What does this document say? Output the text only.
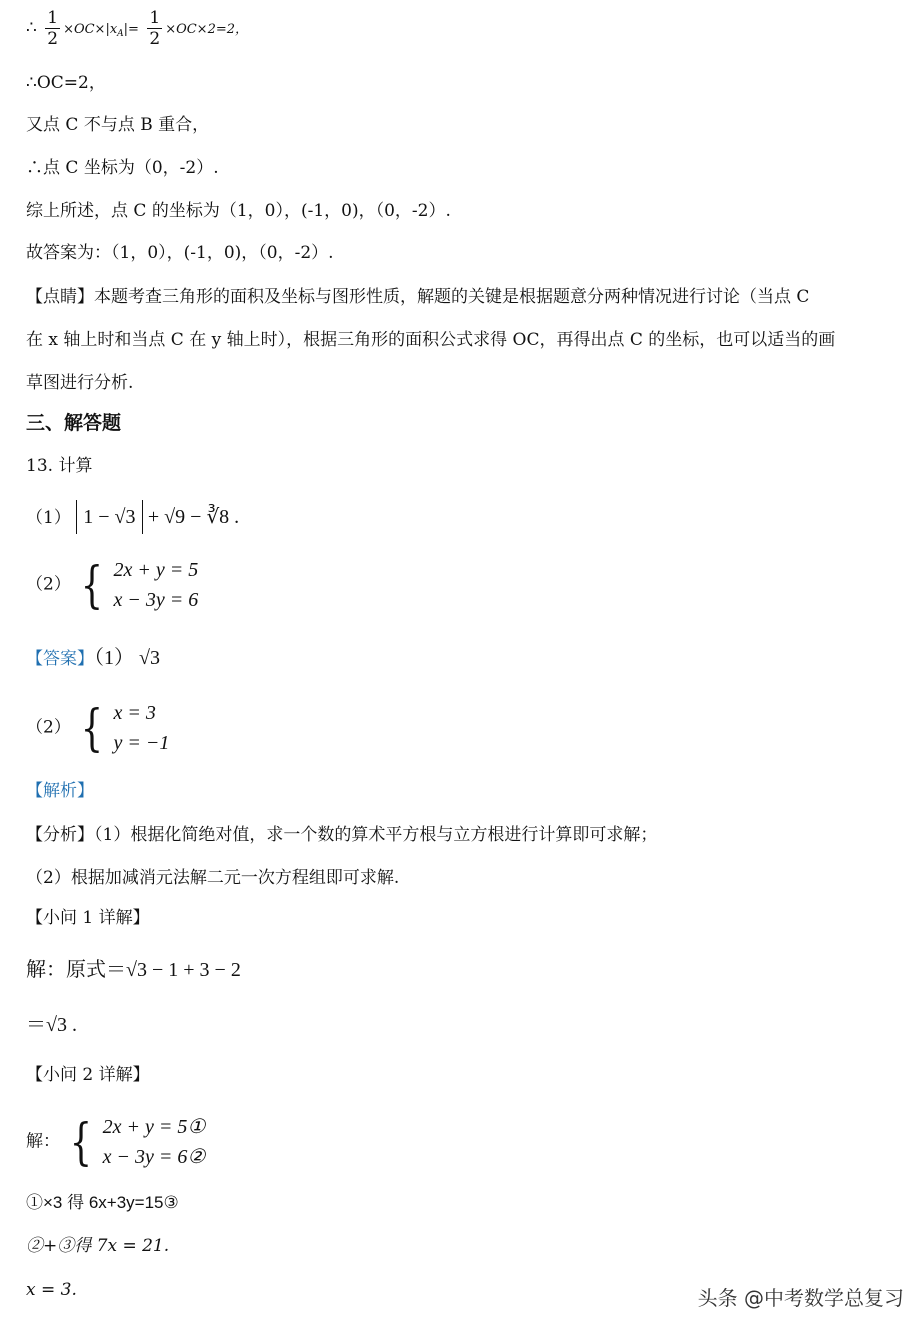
∴ $\frac{1}{2} \times OC\times|xA|= \frac{1}{2} \times OC\times 2=2$，
∴OC=2，
又点 C 不与点 B 重合，
∴点 C 坐标为（0，-2）.
综上所述，点 C 的坐标为（1，0），(-1，0)，（0，-2）.
故答案为：（1，0），(-1，0)，（0，-2）.
【点睛】本题考查三角形的面积及坐标与图形性质，解题的关键是根据题意分两种情况进行讨论（当点 C
在 x 轴上时和当点 C 在 y 轴上时），根据三角形的面积公式求得 OC，再得出点 C 的坐标，也可以适当的画
草图进行分析.
三、解答题
13. 计算
（1） 1 − √3 + √9 − ∛8 .
（2） { 2x + y = 5
x − 3y = 6
【答案】（1） √3
（2） { x = 3
y = −1
【解析】
【分析】（1）根据化简绝对值，求一个数的算术平方根与立方根进行计算即可求解；
（2）根据加减消元法解二元一次方程组即可求解.
【小问 1 详解】
解：原式＝√3 − 1 + 3 − 2
＝√3 .
【小问 2 详解】
解： { 2x + y = 5①
x − 3y = 6②
①×3 得 6x+3y=15③
②+③得 7x = 21.
x = 3.	头条 @中考数学总复习
